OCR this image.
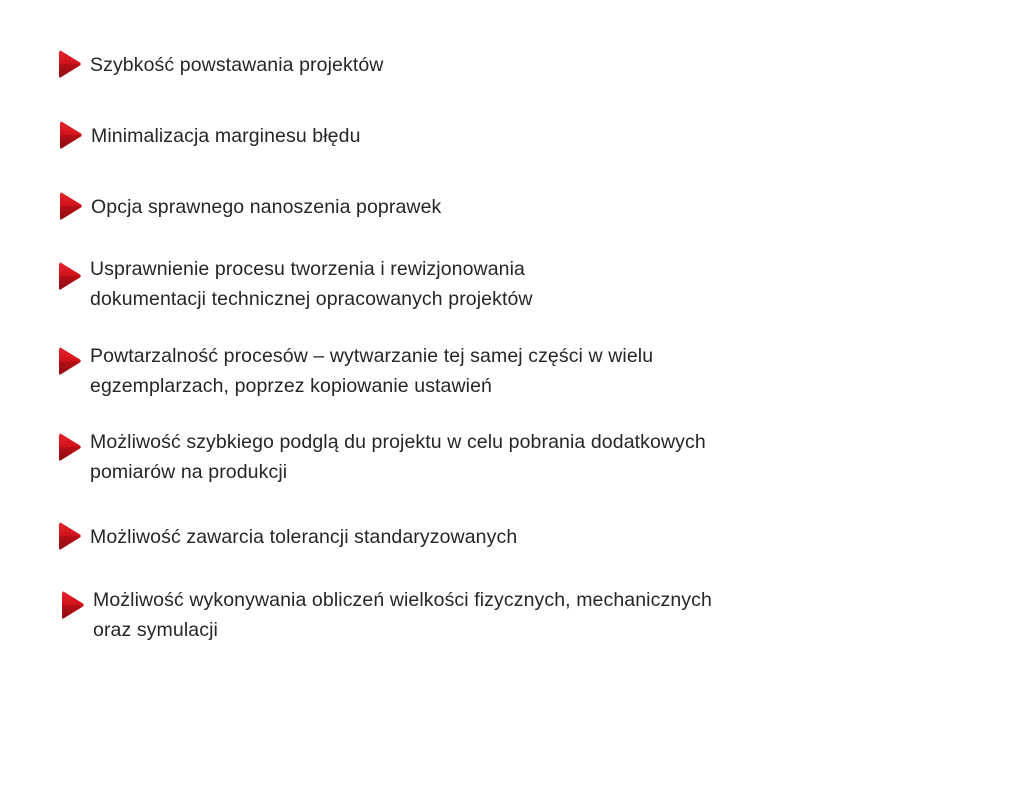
Szybkość powstawania projektów
Minimalizacja marginesu błędu
Opcja sprawnego nanoszenia poprawek
Usprawnienie procesu tworzenia i rewizjonowania
dokumentacji technicznej opracowanych projektów
Powtarzalność procesów – wytwarzanie tej samej części w wielu
egzemplarzach, poprzez kopiowanie ustawień
Możliwość szybkiego podglą du projektu w celu pobrania dodatkowych
pomiarów na produkcji
Możliwość zawarcia tolerancji standaryzowanych
Możliwość wykonywania obliczeń wielkości fizycznych, mechanicznych
oraz symulacji
